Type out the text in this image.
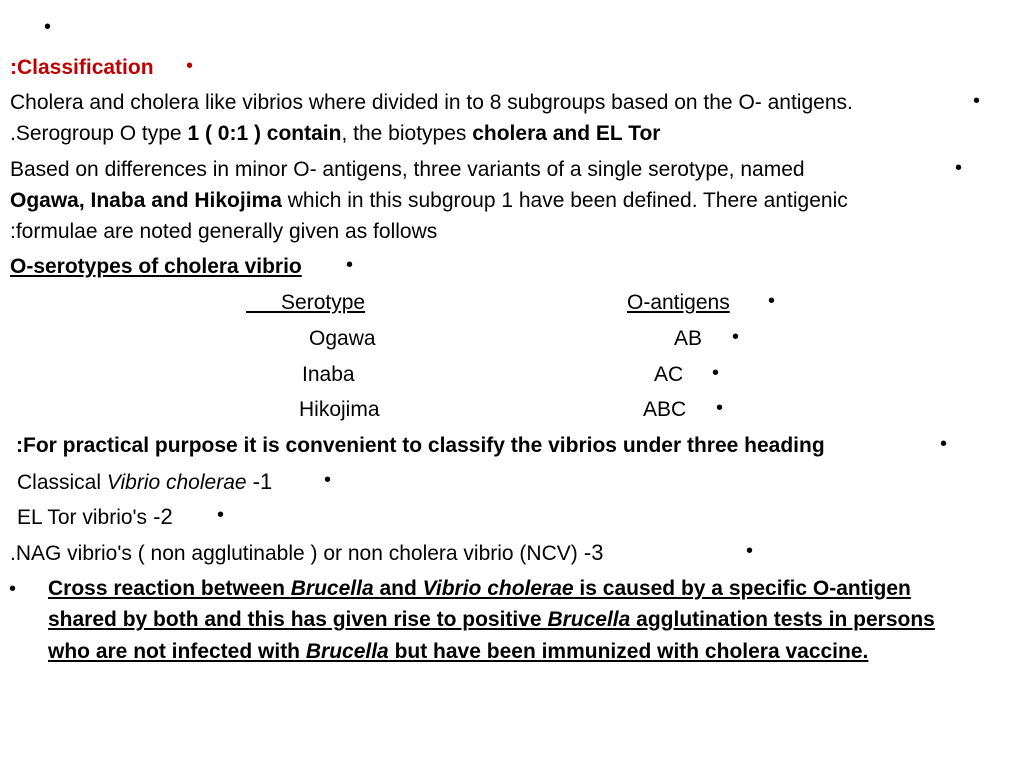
•
:Classification •
Cholera and cholera like vibrios where divided in to 8 subgroups based on the O- antigens.	•
.Serogroup O type 1 ( 0:1 ) contain, the biotypes cholera and EL Tor
Based on differences in minor O- antigens, three variants of a single serotype, named	•
Ogawa, Inaba and Hikojima which in this subgroup 1 have been defined. There antigenic
:formulae are noted generally given as follows
O-serotypes of cholera vibrio •
Serotype	O-antigens •
Ogawa	AB •
Inaba	AC •
Hikojima	ABC •
:For practical purpose it is convenient to classify the vibrios under three heading	•
Classical Vibrio cholerae -1	•
EL Tor vibrio's -2 •
.NAG vibrio's ( non agglutinable ) or non cholera vibrio (NCV) -3	•
• Cross reaction between Brucella and Vibrio cholerae is caused by a specific O-antigen
shared by both and this has given rise to positive Brucella agglutination tests in persons
who are not infected with Brucella but have been immunized with cholera vaccine.
